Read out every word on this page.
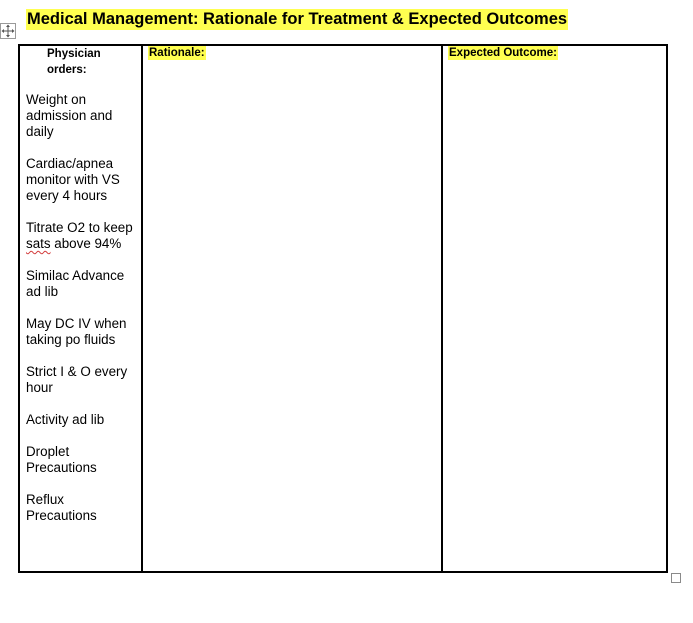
Medical Management: Rationale for Treatment & Expected Outcomes
Physician orders:
Weight on admission and daily
Cardiac/apnea monitor with VS every 4 hours
Titrate O2 to keep sats above 94%
Similac Advance ad lib
May DC IV when taking po fluids
Strict I & O every hour
Activity ad lib
Droplet Precautions
Reflux Precautions
Rationale:	Expected Outcome:
